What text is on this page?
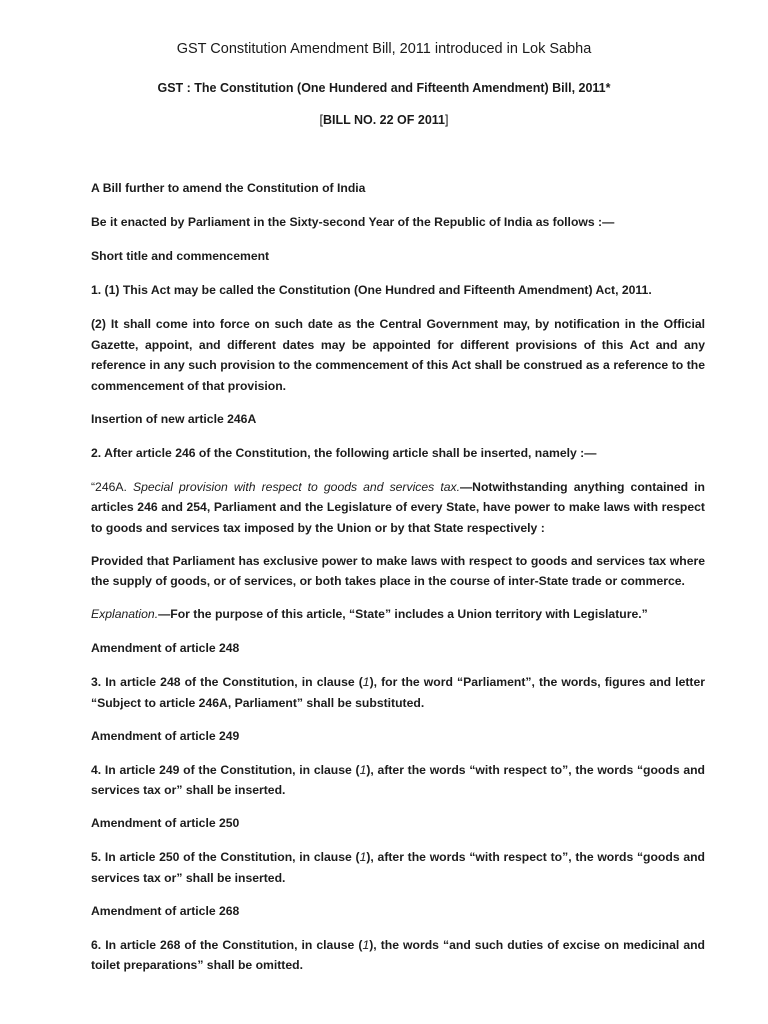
GST Constitution Amendment Bill, 2011 introduced in Lok Sabha
GST : The Constitution (One Hundered and Fifteenth Amendment) Bill, 2011*
[BILL NO. 22 OF 2011]

A Bill further to amend the Constitution of India

Be it enacted by Parliament in the Sixty-second Year of the Republic of India as follows :—

Short title and commencement

1. (1) This Act may be called the Constitution (One Hundred and Fifteenth Amendment) Act, 2011.

(2) It shall come into force on such date as the Central Government may, by notification in the Official Gazette, appoint, and different dates may be appointed for different provisions of this Act and any reference in any such provision to the commencement of this Act shall be construed as a reference to the commencement of that provision.

Insertion of new article 246A

2. After article 246 of the Constitution, the following article shall be inserted, namely :—

“246A. Special provision with respect to goods and services tax.—Notwithstanding anything contained in articles 246 and 254, Parliament and the Legislature of every State, have power to make laws with respect to goods and services tax imposed by the Union or by that State respectively :

Provided that Parliament has exclusive power to make laws with respect to goods and services tax where the supply of goods, or of services, or both takes place in the course of inter-State trade or commerce.

Explanation.—For the purpose of this article, “State” includes a Union territory with Legislature.”

Amendment of article 248

3. In article 248 of the Constitution, in clause (1), for the word “Parliament”, the words, figures and letter “Subject to article 246A, Parliament” shall be substituted.

Amendment of article 249

4. In article 249 of the Constitution, in clause (1), after the words “with respect to”, the words “goods and services tax or” shall be inserted.

Amendment of article 250

5. In article 250 of the Constitution, in clause (1), after the words “with respect to”, the words “goods and services tax or” shall be inserted.

Amendment of article 268

6. In article 268 of the Constitution, in clause (1), the words “and such duties of excise on medicinal and toilet preparations” shall be omitted.
